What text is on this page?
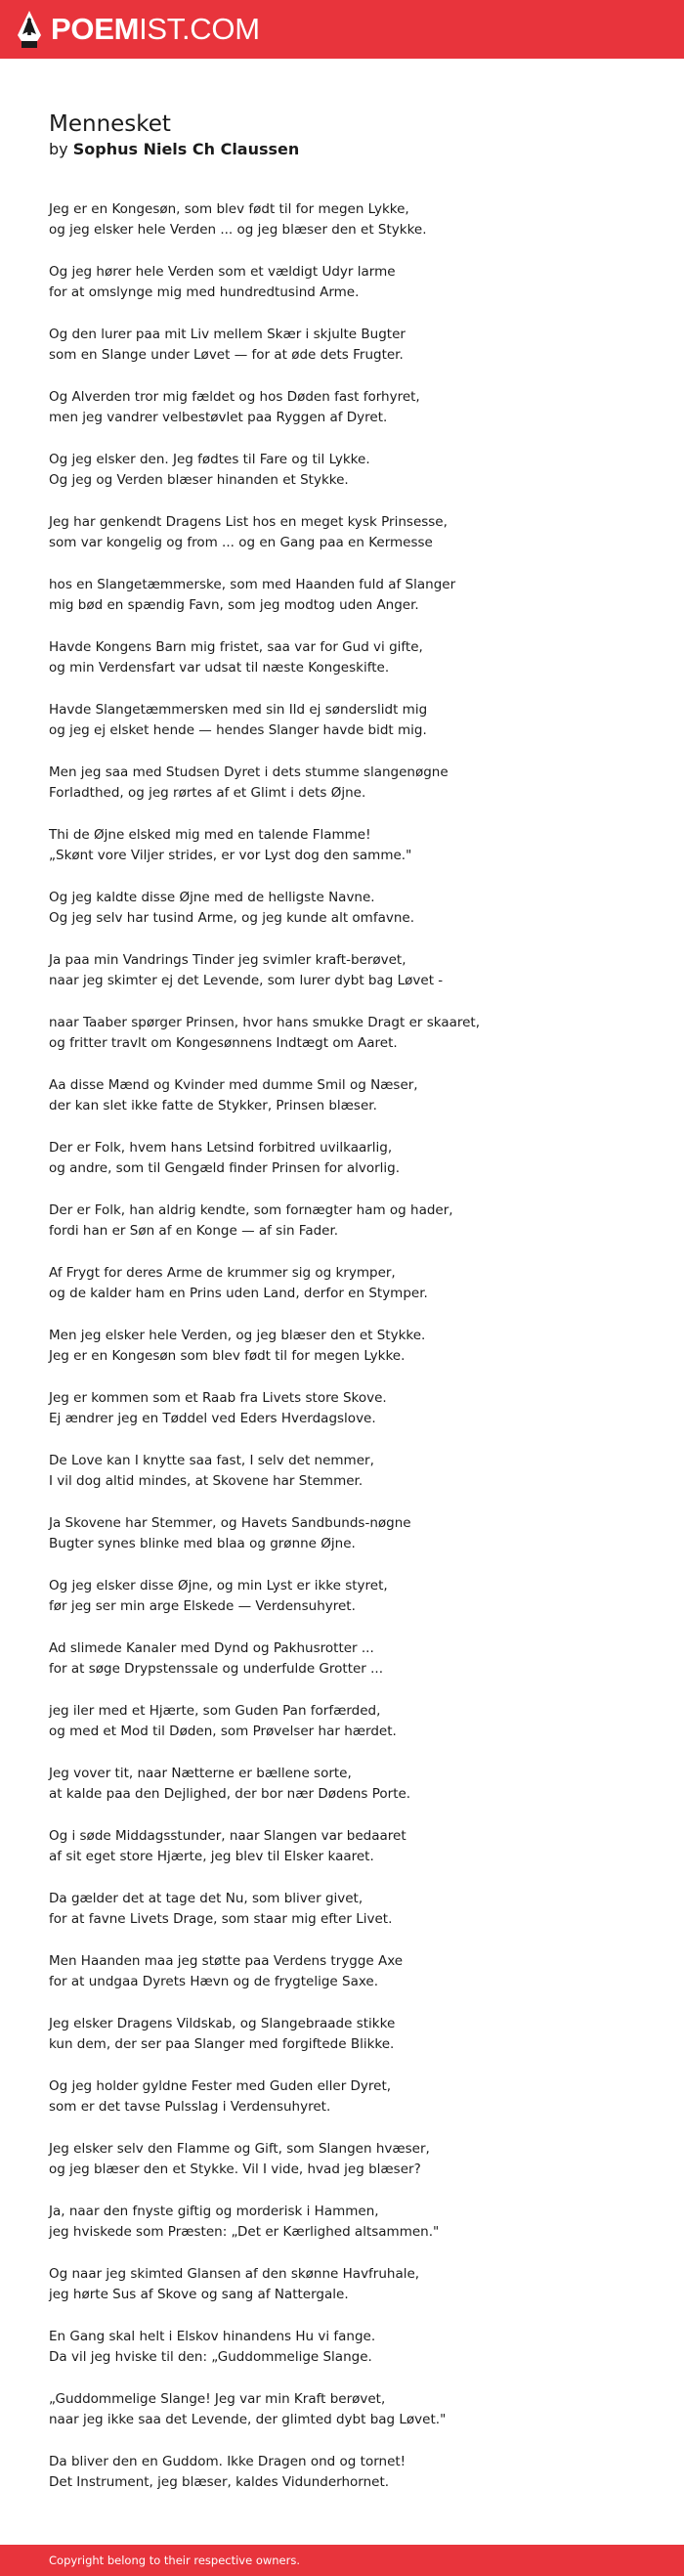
POEMIST.COM
Mennesket

by Sophus Niels Ch Claussen

Jeg er en Kongesøn, som blev født til for megen Lykke,
og jeg elsker hele Verden ... og jeg blæser den et Stykke.

Og jeg hører hele Verden som et vældigt Udyr larme
for at omslynge mig med hundredtusind Arme.

Og den lurer paa mit Liv mellem Skær i skjulte Bugter
som en Slange under Løvet — for at øde dets Frugter.

Og Alverden tror mig fældet og hos Døden fast forhyret,
men jeg vandrer velbestøvlet paa Ryggen af Dyret.

Og jeg elsker den. Jeg fødtes til Fare og til Lykke.
Og jeg og Verden blæser hinanden et Stykke.

Jeg har genkendt Dragens List hos en meget kysk Prinsesse,
som var kongelig og from ... og en Gang paa en Kermesse

hos en Slangetæmmerske, som med Haanden fuld af Slanger
mig bød en spændig Favn, som jeg modtog uden Anger.

Havde Kongens Barn mig fristet, saa var for Gud vi gifte,
og min Verdensfart var udsat til næste Kongeskifte.

Havde Slangetæmmersken med sin Ild ej sønderslidt mig
og jeg ej elsket hende — hendes Slanger havde bidt mig.

Men jeg saa med Studsen Dyret i dets stumme slangenøgne
Forladthed, og jeg rørtes af et Glimt i dets Øjne.

Thi de Øjne elsked mig med en talende Flamme!
„Skønt vore Viljer strides, er vor Lyst dog den samme."

Og jeg kaldte disse Øjne med de helligste Navne.
Og jeg selv har tusind Arme, og jeg kunde alt omfavne.

Ja paa min Vandrings Tinder jeg svimler kraft-berøvet,
naar jeg skimter ej det Levende, som lurer dybt bag Løvet -

naar Taaber spørger Prinsen, hvor hans smukke Dragt er skaaret,
og fritter travlt om Kongesønnens Indtægt om Aaret.

Aa disse Mænd og Kvinder med dumme Smil og Næser,
der kan slet ikke fatte de Stykker, Prinsen blæser.

Der er Folk, hvem hans Letsind forbitred uvilkaarlig,
og andre, som til Gengæld finder Prinsen for alvorlig.

Der er Folk, han aldrig kendte, som fornægter ham og hader,
fordi han er Søn af en Konge — af sin Fader.

Af Frygt for deres Arme de krummer sig og krymper,
og de kalder ham en Prins uden Land, derfor en Stymper.

Men jeg elsker hele Verden, og jeg blæser den et Stykke.
Jeg er en Kongesøn som blev født til for megen Lykke.

Jeg er kommen som et Raab fra Livets store Skove.
Ej ændrer jeg en Tøddel ved Eders Hverdagslove.

De Love kan I knytte saa fast, I selv det nemmer,
I vil dog altid mindes, at Skovene har Stemmer.

Ja Skovene har Stemmer, og Havets Sandbunds-nøgne
Bugter synes blinke med blaa og grønne Øjne.

Og jeg elsker disse Øjne, og min Lyst er ikke styret,
før jeg ser min arge Elskede — Verdensuhyret.

Ad slimede Kanaler med Dynd og Pakhusrotter ...
for at søge Drypstenssale og underfulde Grotter ...

jeg iler med et Hjærte, som Guden Pan forfærded,
og med et Mod til Døden, som Prøvelser har hærdet.

Jeg vover tit, naar Nætterne er bællene sorte,
at kalde paa den Dejlighed, der bor nær Dødens Porte.

Og i søde Middagsstunder, naar Slangen var bedaaret
af sit eget store Hjærte, jeg blev til Elsker kaaret.

Da gælder det at tage det Nu, som bliver givet,
for at favne Livets Drage, som staar mig efter Livet.

Men Haanden maa jeg støtte paa Verdens trygge Axe
for at undgaa Dyrets Hævn og de frygtelige Saxe.

Jeg elsker Dragens Vildskab, og Slangebraade stikke
kun dem, der ser paa Slanger med forgiftede Blikke.

Og jeg holder gyldne Fester med Guden eller Dyret,
som er det tavse Pulsslag i Verdensuhyret.

Jeg elsker selv den Flamme og Gift, som Slangen hvæser,
og jeg blæser den et Stykke. Vil I vide, hvad jeg blæser?

Ja, naar den fnyste giftig og morderisk i Hammen,
jeg hviskede som Præsten: „Det er Kærlighed altsammen."

Og naar jeg skimted Glansen af den skønne Havfruhale,
jeg hørte Sus af Skove og sang af Nattergale.

En Gang skal helt i Elskov hinandens Hu vi fange.
Da vil jeg hviske til den: „Guddommelige Slange.

„Guddommelige Slange! Jeg var min Kraft berøvet,
naar jeg ikke saa det Levende, der glimted dybt bag Løvet."

Da bliver den en Guddom. Ikke Dragen ond og tornet!
Det Instrument, jeg blæser, kaldes Vidunderhornet.

Copyright belong to their respective owners.
